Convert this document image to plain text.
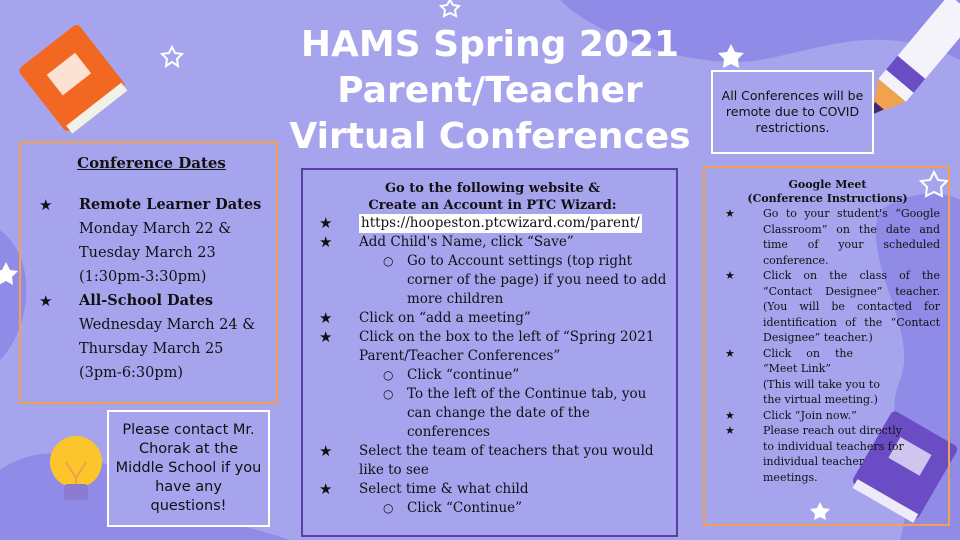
HAMS Spring 2021
Parent/Teacher
Virtual Conferences
All Conferences will be remote due to COVID restrictions.
Conference Dates
★	Remote Learner Dates
Monday March 22 &
Tuesday March 23
(1:30pm-3:30pm)
★	All-School Dates
Wednesday March 24 &
Thursday March 25
(3pm-6:30pm)
Please contact Mr. Chorak at the Middle School if you have any questions!
Go to the following website &
Create an Account in PTC Wizard:
★	https://hoopeston.ptcwizard.com/parent/
★	Add Child's Name, click “Save”
○	Go to Account settings (top right corner of the page) if you need to add more children
★	Click on “add a meeting”
★	Click on the box to the left of “Spring 2021 Parent/Teacher Conferences”
○	Click “continue”
○	To the left of the Continue tab, you can change the date of the conferences
★	Select the team of teachers that you would like to see
★	Select time & what child
○	Click “Continue”
Google Meet
(Conference Instructions)
★	Go to your student's “Google Classroom” on the date and time of your scheduled conference.
★	Click on the class of the “Contact Designee” teacher. (You will be contacted for identification of the “Contact Designee” teacher.)
★	Click on the “Meet Link”
(This will take you to the virtual meeting.)
★	Click “Join now.”
★	Please reach out directly to individual teachers for individual teacher meetings.
